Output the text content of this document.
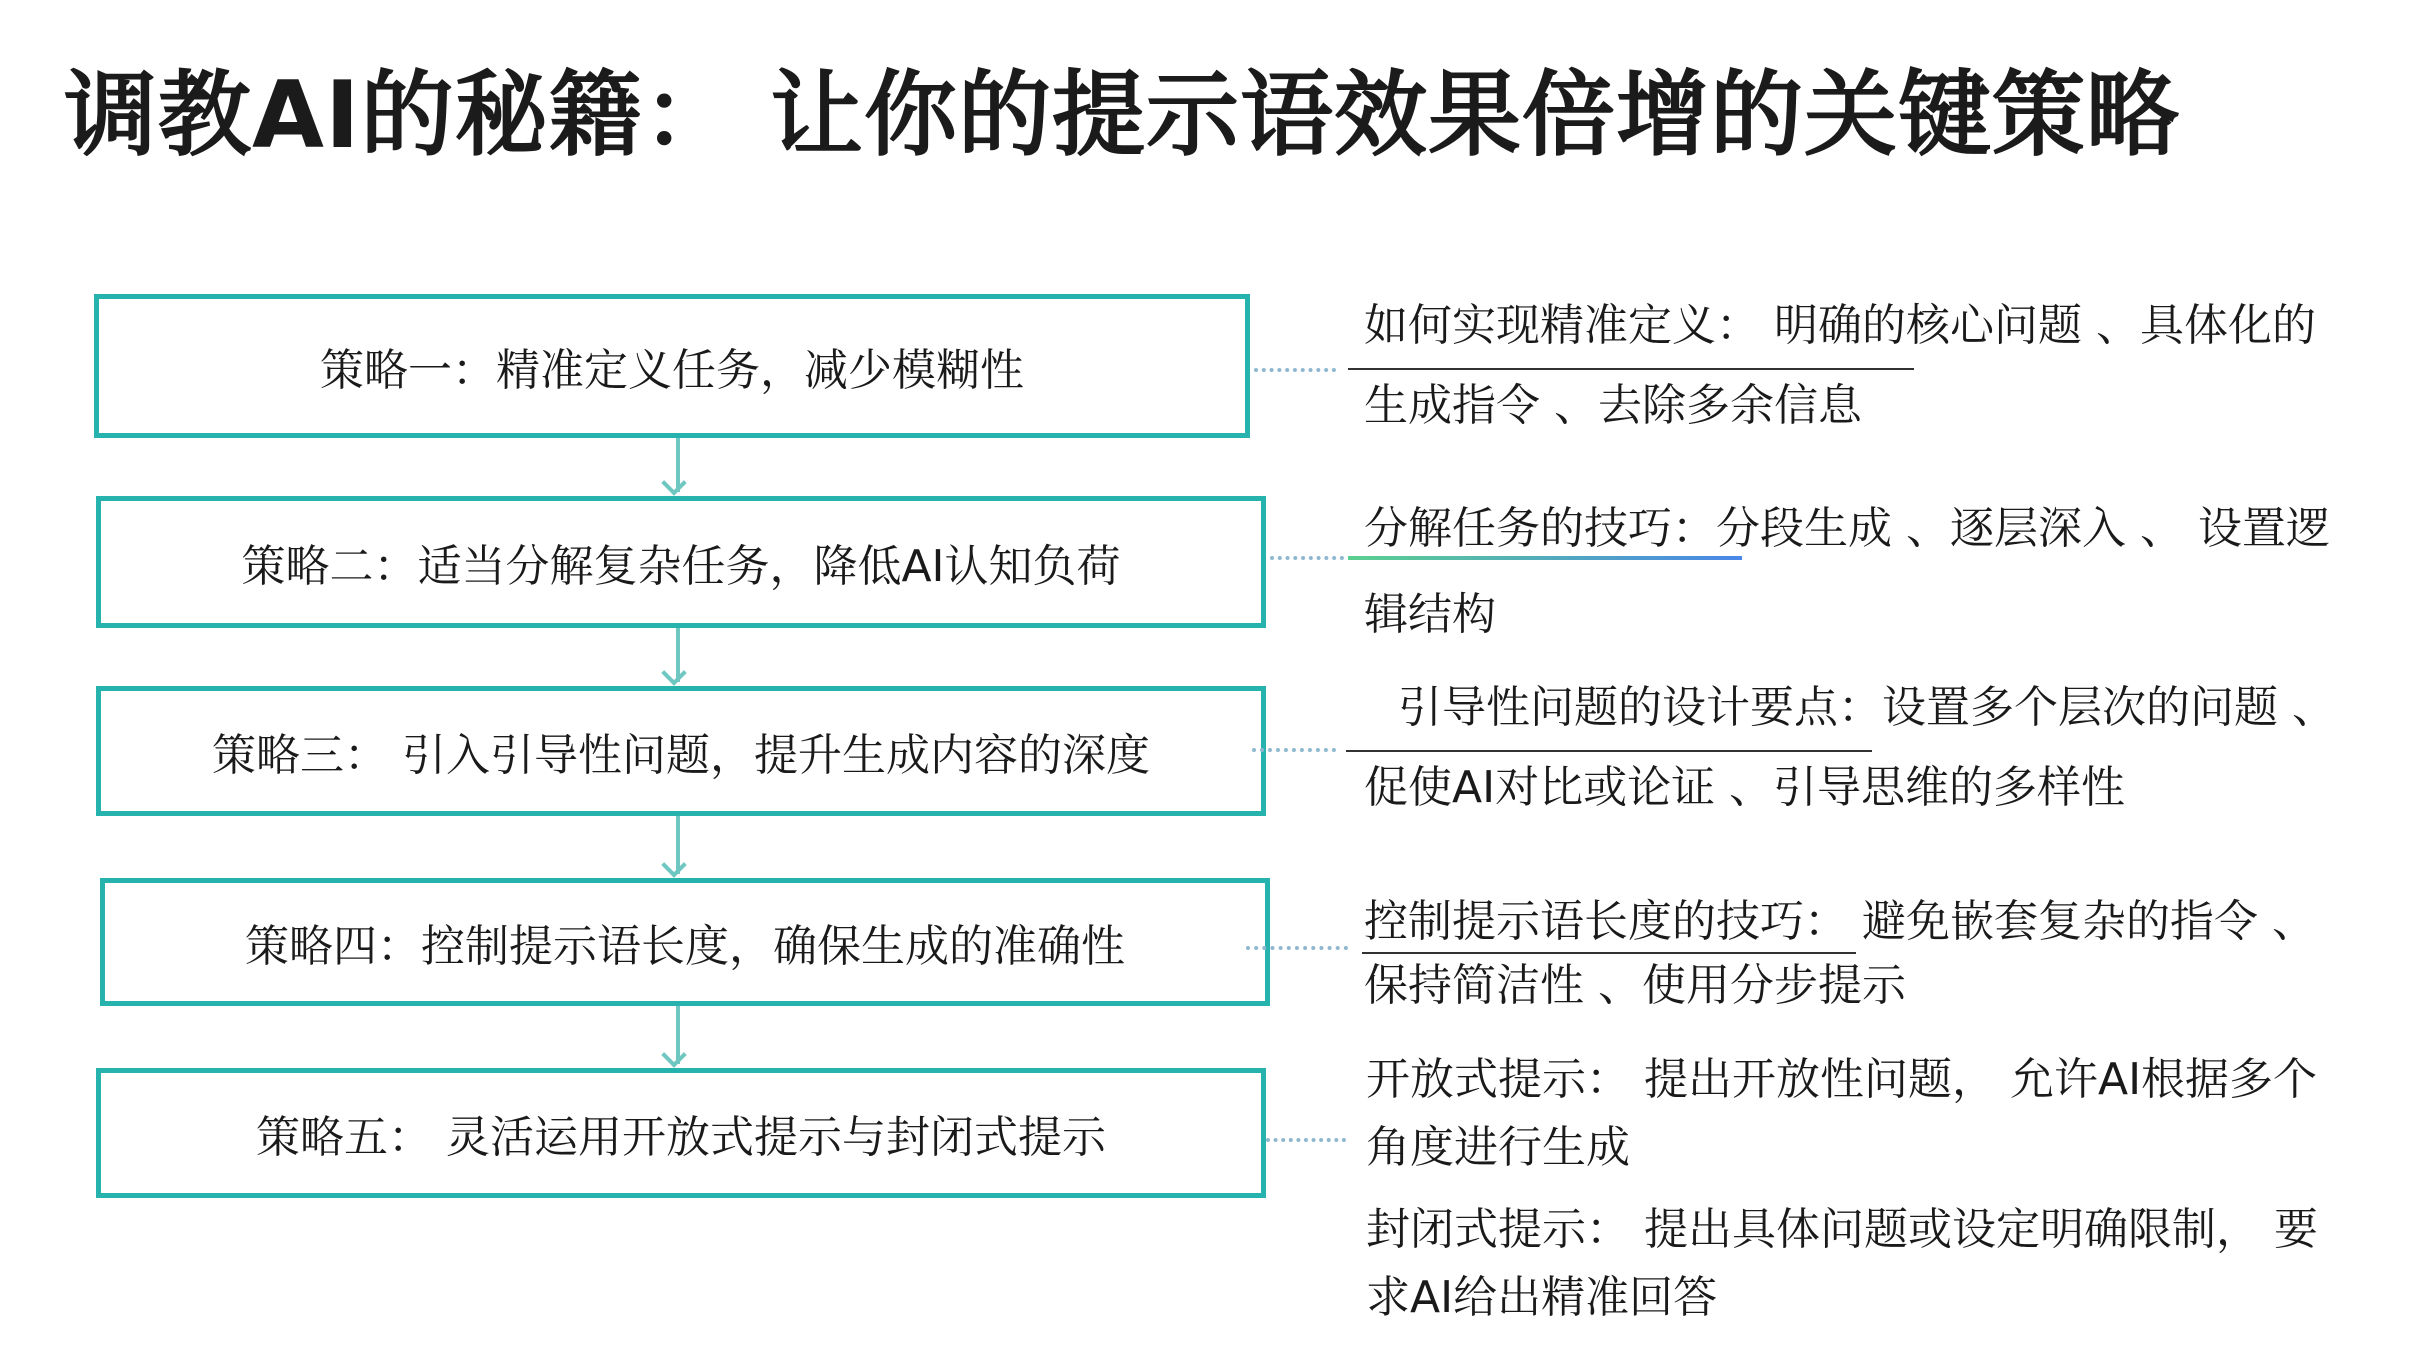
调教AI的秘籍： 让你的提示语效果倍增的关键策略
策略一：精准定义任务，减少模糊性
策略二：适当分解复杂任务，降低AI认知负荷
策略三： 引入引导性问题，提升生成内容的深度
策略四：控制提示语长度，确保生成的准确性
策略五： 灵活运用开放式提示与封闭式提示
如何实现精准定义： 明确的核心问题 、具体化的
生成指令 、去除多余信息
分解任务的技巧：分段生成 、逐层深入 、 设置逻
辑结构
引导性问题的设计要点：设置多个层次的问题 、
促使AI对比或论证 、引导思维的多样性
控制提示语长度的技巧： 避免嵌套复杂的指令 、
保持简洁性 、使用分步提示
开放式提示： 提出开放性问题， 允许AI根据多个
角度进行生成
封闭式提示： 提出具体问题或设定明确限制， 要
求AI给出精准回答
